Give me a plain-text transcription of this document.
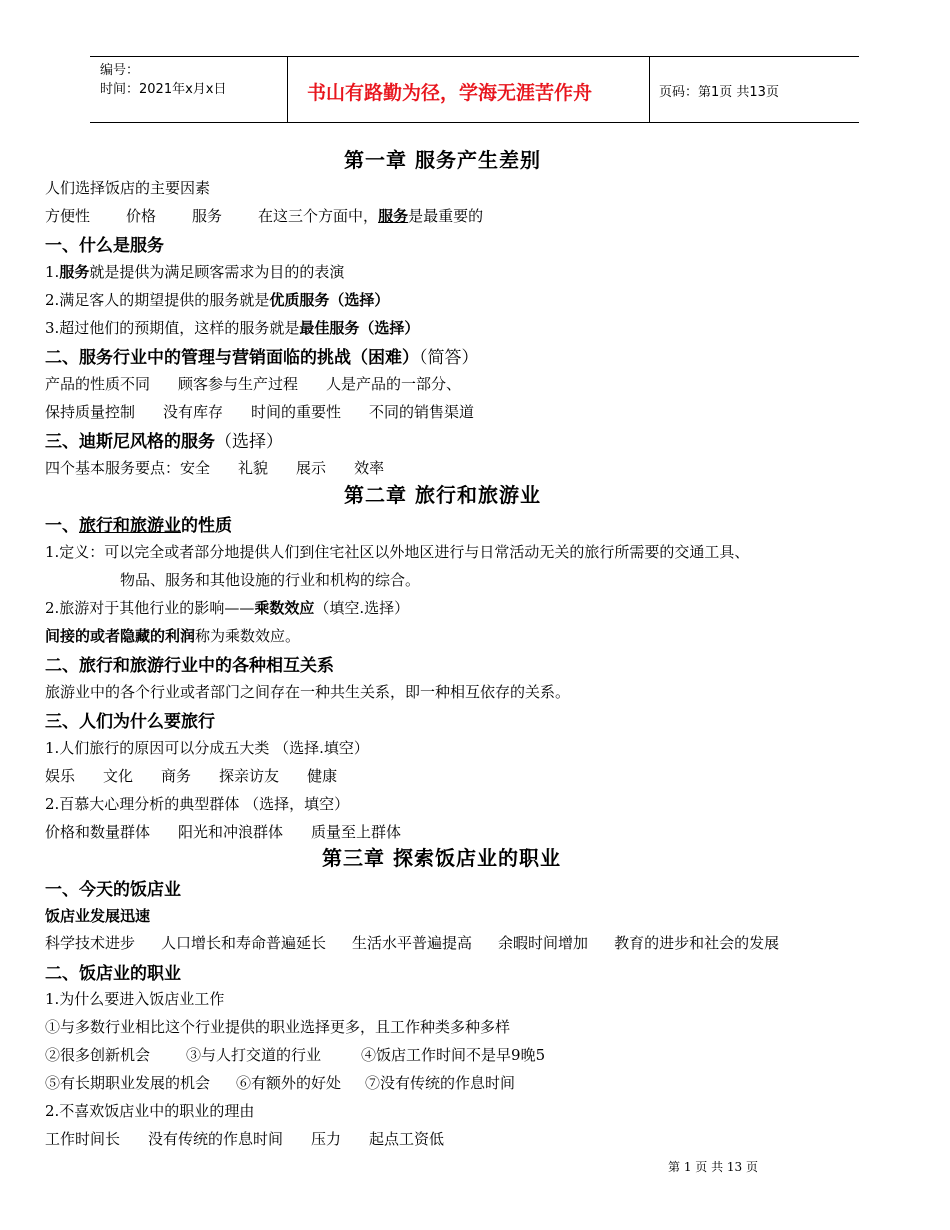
编号：
时间：2021年x月x日	书山有路勤为径，学海无涯苦作舟	页码：第1页 共13页
第一章 服务产生差别
人们选择饭店的主要因素
方便性 价格 服务 在这三个方面中，服务是最重要的
一、什么是服务
1.服务就是提供为满足顾客需求为目的的表演
2.满足客人的期望提供的服务就是优质服务（选择）
3.超过他们的预期值，这样的服务就是最佳服务（选择）
二、服务行业中的管理与营销面临的挑战（困难）（简答）
产品的性质不同 顾客参与生产过程 人是产品的一部分、
保持质量控制 没有库存 时间的重要性 不同的销售渠道
三、迪斯尼风格的服务（选择）
四个基本服务要点：安全 礼貌 展示 效率
第二章 旅行和旅游业
一、旅行和旅游业的性质
1.定义：可以完全或者部分地提供人们到住宅社区以外地区进行与日常活动无关的旅行所需要的交通工具、
物品、服务和其他设施的行业和机构的综合。
2.旅游对于其他行业的影响——乘数效应（填空.选择）
间接的或者隐藏的利润称为乘数效应。
二、旅行和旅游行业中的各种相互关系
旅游业中的各个行业或者部门之间存在一种共生关系，即一种相互依存的关系。
三、人们为什么要旅行
1.人们旅行的原因可以分成五大类 （选择.填空）
娱乐 文化 商务 探亲访友 健康
2.百慕大心理分析的典型群体 （选择，填空）
价格和数量群体 阳光和冲浪群体 质量至上群体
第三章 探索饭店业的职业
一、今天的饭店业
饭店业发展迅速
科学技术进步 人口增长和寿命普遍延长 生活水平普遍提高 余暇时间增加 教育的进步和社会的发展
二、饭店业的职业
1.为什么要进入饭店业工作
①与多数行业相比这个行业提供的职业选择更多，且工作种类多种多样
②很多创新机会 ③与人打交道的行业	④饭店工作时间不是早9晚5
⑤有长期职业发展的机会 ⑥有额外的好处 ⑦没有传统的作息时间
2.不喜欢饭店业中的职业的理由
工作时间长 没有传统的作息时间 压力 起点工资低
第 1 页 共 13 页
